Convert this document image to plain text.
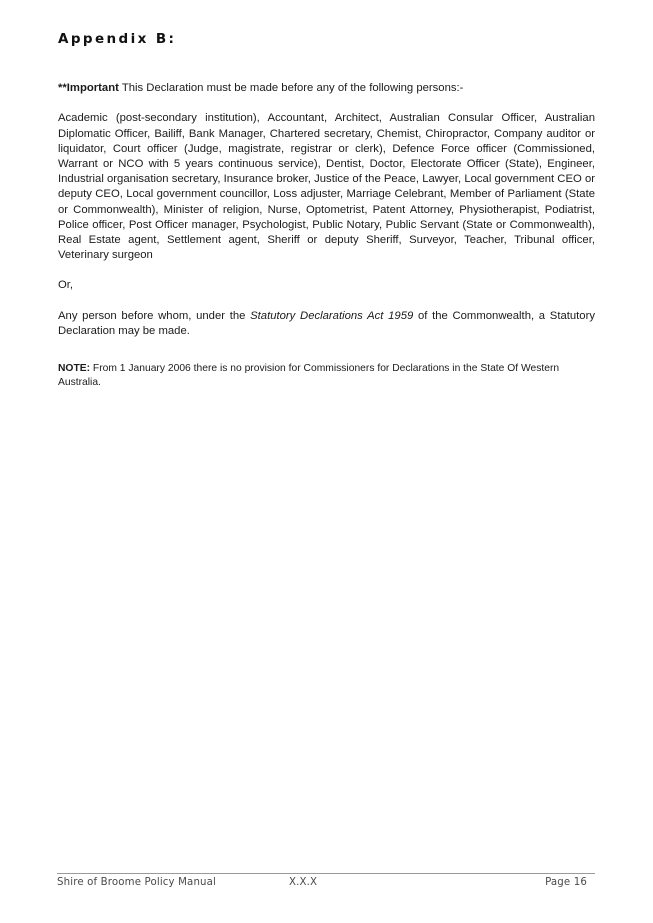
Appendix B:

**Important This Declaration must be made before any of the following persons:-

Academic (post-secondary institution), Accountant, Architect, Australian Consular Officer, Australian Diplomatic Officer, Bailiff, Bank Manager, Chartered secretary, Chemist, Chiropractor, Company auditor or liquidator, Court officer (Judge, magistrate, registrar or clerk), Defence Force officer (Commissioned, Warrant or NCO with 5 years continuous service), Dentist, Doctor, Electorate Officer (State), Engineer, Industrial organisation secretary, Insurance broker, Justice of the Peace, Lawyer, Local government CEO or deputy CEO, Local government councillor, Loss adjuster, Marriage Celebrant, Member of Parliament (State or Commonwealth), Minister of religion, Nurse, Optometrist, Patent Attorney, Physiotherapist, Podiatrist, Police officer, Post Officer manager, Psychologist, Public Notary, Public Servant (State or Commonwealth), Real Estate agent, Settlement agent, Sheriff or deputy Sheriff, Surveyor, Teacher, Tribunal officer, Veterinary surgeon

Or,

Any person before whom, under the Statutory Declarations Act 1959 of the Commonwealth, a Statutory Declaration may be made.

NOTE: From 1 January 2006 there is no provision for Commissioners for Declarations in the State Of Western Australia.

Shire of Broome Policy Manual	X.X.X	Page 16
